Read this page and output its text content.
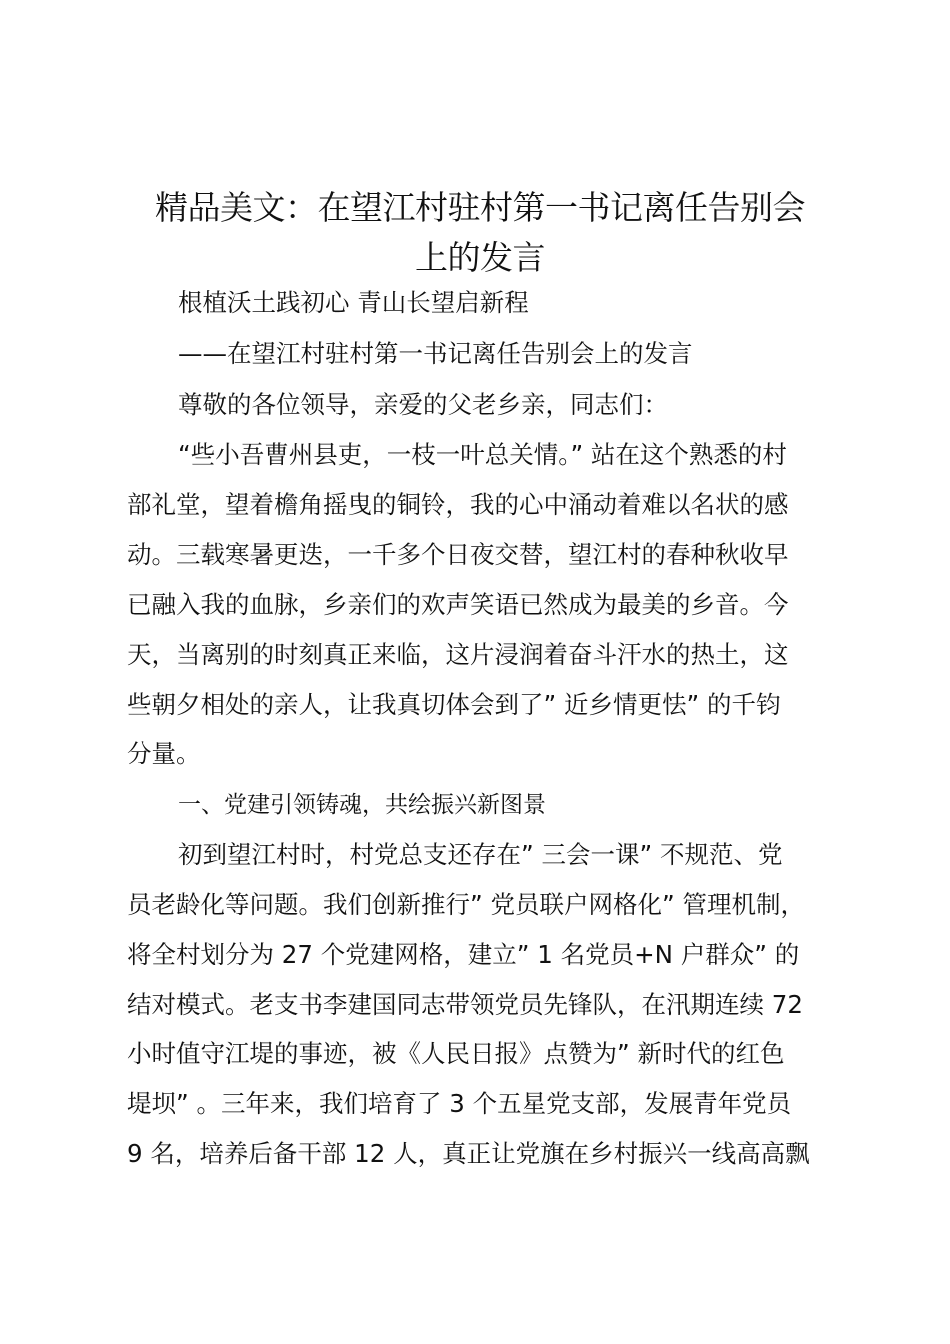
精品美文：在望江村驻村第一书记离任告别会
上的发言

根植沃土践初心 青山长望启新程

——在望江村驻村第一书记离任告别会上的发言

尊敬的各位领导，亲爱的父老乡亲，同志们：

“些小吾曹州县吏，一枝一叶总关情。” 站在这个熟悉的村

部礼堂，望着檐角摇曳的铜铃，我的心中涌动着难以名状的感

动。三载寒暑更迭，一千多个日夜交替，望江村的春种秋收早

已融入我的血脉，乡亲们的欢声笑语已然成为最美的乡音。今

天，当离别的时刻真正来临，这片浸润着奋斗汗水的热土，这

些朝夕相处的亲人，让我真切体会到了” 近乡情更怯” 的千钧

分量。

一、党建引领铸魂，共绘振兴新图景

初到望江村时，村党总支还存在” 三会一课” 不规范、党

员老龄化等问题。我们创新推行” 党员联户网格化” 管理机制，

将全村划分为 27 个党建网格，建立” 1 名党员+N 户群众” 的

结对模式。老支书李建国同志带领党员先锋队，在汛期连续 72

小时值守江堤的事迹，被《人民日报》点赞为” 新时代的红色

堤坝” 。三年来，我们培育了 3 个五星党支部，发展青年党员

9 名，培养后备干部 12 人，真正让党旗在乡村振兴一线高高飘
